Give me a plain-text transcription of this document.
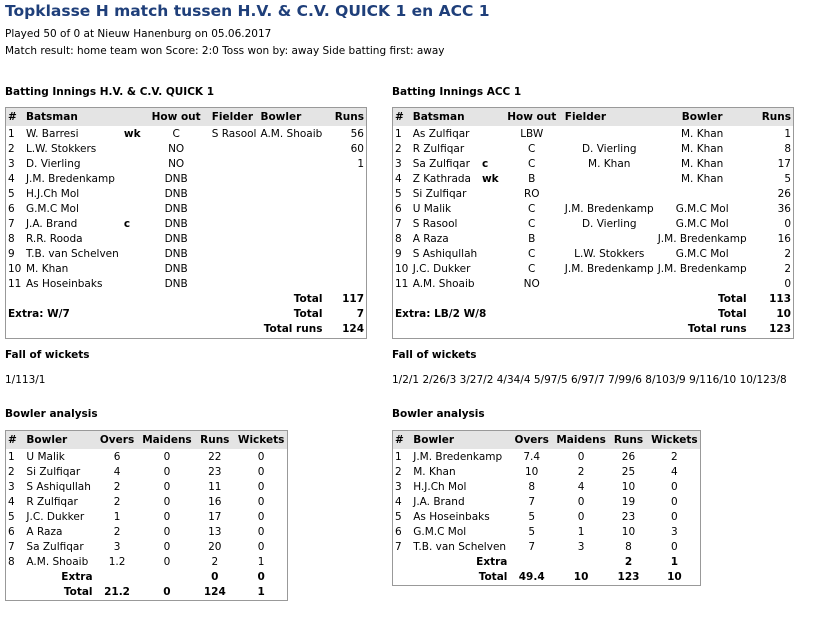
Topklasse H match tussen H.V. & C.V. QUICK 1 en ACC 1
Played 50 of 0 at Nieuw Hanenburg on 05.06.2017
Match result: home team won Score: 2:0 Toss won by: away Side batting first: away
Batting Innings H.V. & C.V. QUICK 1
#	Batsman		How out	Fielder	Bowler	Runs
1	W. Barresi	wk	C	S Rasool	A.M. Shoaib	56
2	L.W. Stokkers		NO			60
3	D. Vierling		NO			1
4	J.M. Bredenkamp		DNB			
5	H.J.Ch Mol		DNB			
6	G.M.C Mol		DNB			
7	J.A. Brand	c	DNB			
8	R.R. Rooda		DNB			
9	T.B. van Schelven		DNB			
10	M. Khan		DNB			
11	As Hoseinbaks		DNB			
Total						117
Extra: W/7				Total		7
Total runs						124
Batting Innings ACC 1
#	Batsman		How out	Fielder	Bowler	Runs
1	As Zulfiqar		LBW		M. Khan	1
2	R Zulfiqar		C	D. Vierling	M. Khan	8
3	Sa Zulfiqar	c	C	M. Khan	M. Khan	17
4	Z Kathrada	wk	B		M. Khan	5
5	Si Zulfiqar		RO			26
6	U Malik		C	J.M. Bredenkamp	G.M.C Mol	36
7	S Rasool		C	D. Vierling	G.M.C Mol	0
8	A Raza		B		J.M. Bredenkamp	16
9	S Ashiqullah		C	L.W. Stokkers	G.M.C Mol	2
10	J.C. Dukker		C	J.M. Bredenkamp	J.M. Bredenkamp	2
11	A.M. Shoaib		NO			0
Total						113
Extra: LB/2 W/8				Total		10
Total runs						123
Fall of wickets
1/113/1
Fall of wickets
1/2/1 2/26/3 3/27/2 4/34/4 5/97/5 6/97/7 7/99/6 8/103/9 9/116/10 10/123/8
Bowler analysis
#	Bowler	Overs	Maidens	Runs	Wickets
1	U Malik	6	0	22	0
2	Si Zulfiqar	4	0	23	0
3	S Ashiqullah	2	0	11	0
4	R Zulfiqar	2	0	16	0
5	J.C. Dukker	1	0	17	0
6	A Raza	2	0	13	0
7	Sa Zulfiqar	3	0	20	0
8	A.M. Shoaib	1.2	0	2	1
Extra				0	0
Total		21.2	0	124	1
Bowler analysis
#	Bowler	Overs	Maidens	Runs	Wickets
1	J.M. Bredenkamp	7.4	0	26	2
2	M. Khan	10	2	25	4
3	H.J.Ch Mol	8	4	10	0
4	J.A. Brand	7	0	19	0
5	As Hoseinbaks	5	0	23	0
6	G.M.C Mol	5	1	10	3
7	T.B. van Schelven	7	3	8	0
Extra				2	1
Total		49.4	10	123	10
